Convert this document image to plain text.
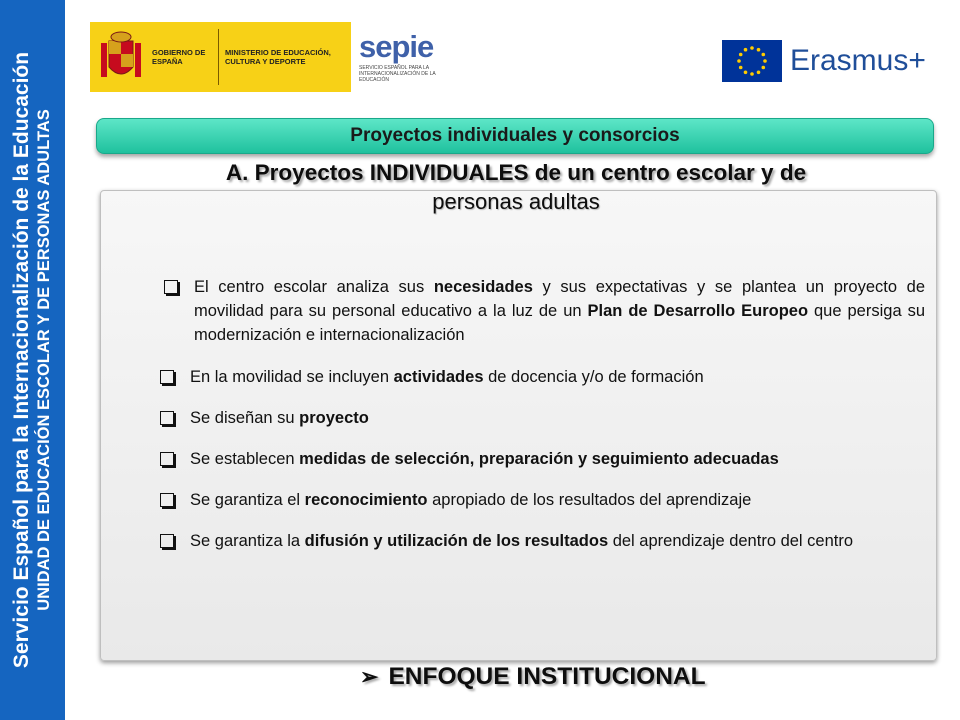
Servicio Español para la Internacionalización de la Educación UNIDAD DE EDUCACIÓN ESCOLAR Y DE PERSONAS ADULTAS
GOBIERNO DE ESPAÑA
MINISTERIO DE EDUCACIÓN, CULTURA Y DEPORTE	sepie
SERVICIO ESPAÑOL PARA LA INTERNACIONALIZACIÓN DE LA EDUCACIÓN
Erasmus+
Proyectos individuales y consorcios
A. Proyectos INDIVIDUALES de un centro escolar y de
personas adultas
El centro escolar analiza sus necesidades y sus expectativas y se plantea un proyecto de movilidad para su personal educativo a la luz de un Plan de Desarrollo Europeo que persiga su modernización e internacionalización
En la movilidad se incluyen actividades de docencia y/o de formación
Se diseñan su proyecto
Se establecen medidas de selección, preparación y seguimiento adecuadas
Se garantiza el reconocimiento apropiado de los resultados del aprendizaje
Se garantiza la difusión y utilización de los resultados del aprendizaje dentro del centro
➢ ENFOQUE INSTITUCIONAL
